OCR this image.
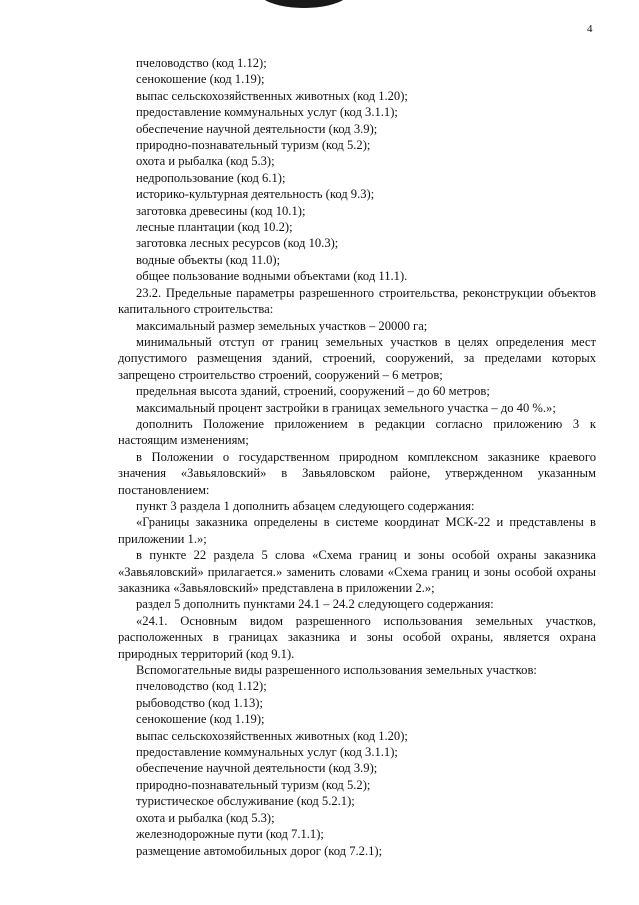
4
пчеловодство (код 1.12);
сенокошение (код 1.19);
выпас сельскохозяйственных животных (код 1.20);
предоставление коммунальных услуг (код 3.1.1);
обеспечение научной деятельности (код 3.9);
природно-познавательный туризм (код 5.2);
охота и рыбалка (код 5.3);
недропользование (код 6.1);
историко-культурная деятельность (код 9.3);
заготовка древесины (код 10.1);
лесные плантации (код 10.2);
заготовка лесных ресурсов (код 10.3);
водные объекты (код 11.0);
общее пользование водными объектами (код 11.1).
23.2. Предельные параметры разрешенного строительства, реконструкции объектов капитального строительства:
максимальный размер земельных участков – 20000 га;
минимальный отступ от границ земельных участков в целях определения мест допустимого размещения зданий, строений, сооружений, за пределами которых запрещено строительство строений, сооружений – 6 метров;
предельная высота зданий, строений, сооружений – до 60 метров;
максимальный процент застройки в границах земельного участка – до 40 %.»;
дополнить Положение приложением в редакции согласно приложению 3 к настоящим изменениям;
в Положении о государственном природном комплексном заказнике краевого значения «Завьяловский» в Завьяловском районе, утвержденном указанным постановлением:
пункт 3 раздела 1 дополнить абзацем следующего содержания:
«Границы заказника определены в системе координат МСК-22 и представлены в приложении 1.»;
в пункте 22 раздела 5 слова «Схема границ и зоны особой охраны заказника «Завьяловский» прилагается.» заменить словами «Схема границ и зоны особой охраны заказника «Завьяловский» представлена в приложении 2.»;
раздел 5 дополнить пунктами 24.1 – 24.2 следующего содержания:
«24.1. Основным видом разрешенного использования земельных участков, расположенных в границах заказника и зоны особой охраны, является охрана природных территорий (код 9.1).
Вспомогательные виды разрешенного использования земельных участков:
пчеловодство (код 1.12);
рыбоводство (код 1.13);
сенокошение (код 1.19);
выпас сельскохозяйственных животных (код 1.20);
предоставление коммунальных услуг (код 3.1.1);
обеспечение научной деятельности (код 3.9);
природно-познавательный туризм (код 5.2);
туристическое обслуживание (код 5.2.1);
охота и рыбалка (код 5.3);
железнодорожные пути (код 7.1.1);
размещение автомобильных дорог (код 7.2.1);
